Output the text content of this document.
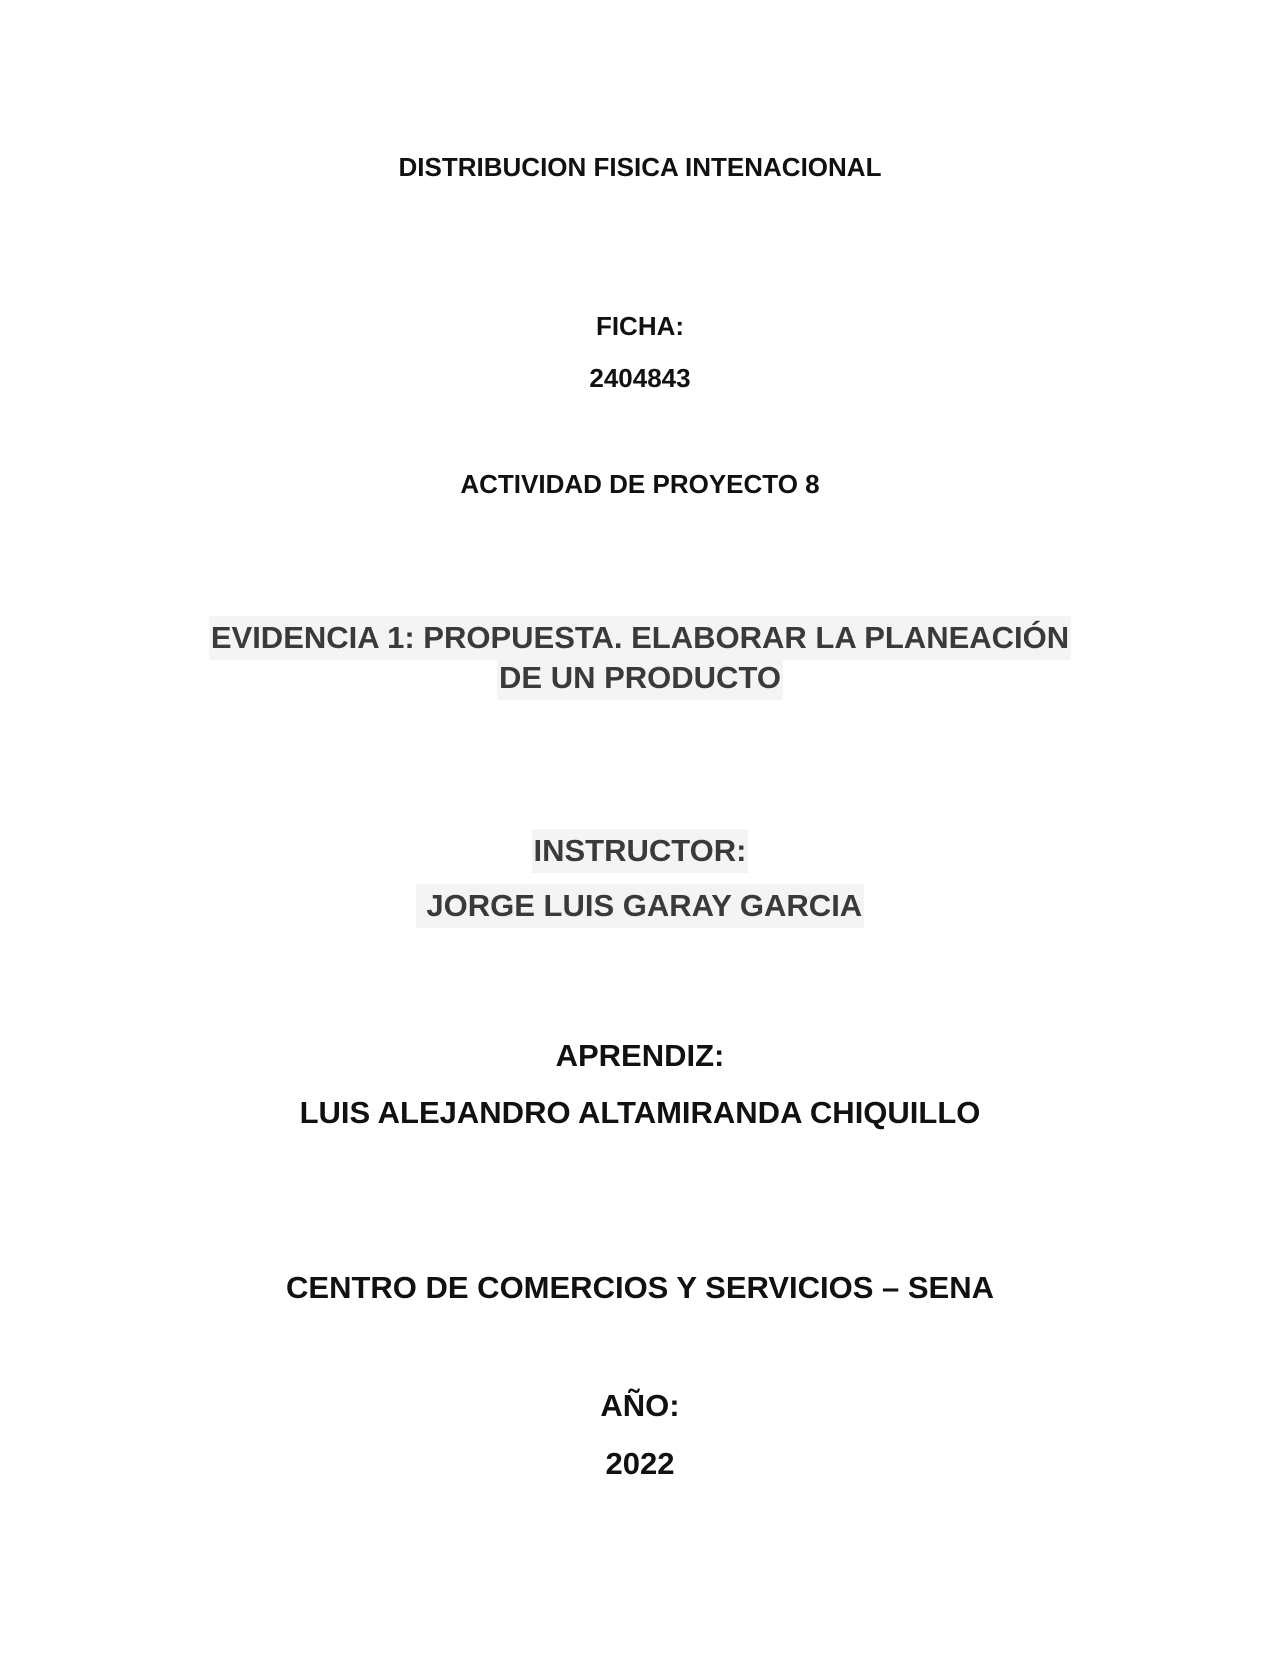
DISTRIBUCION FISICA INTENACIONAL
FICHA:
2404843
ACTIVIDAD DE PROYECTO 8
EVIDENCIA 1: PROPUESTA. ELABORAR LA PLANEACIÓN
DE UN PRODUCTO
INSTRUCTOR:
JORGE LUIS GARAY GARCIA
APRENDIZ:
LUIS ALEJANDRO ALTAMIRANDA CHIQUILLO
CENTRO DE COMERCIOS Y SERVICIOS – SENA
AÑO:
2022
